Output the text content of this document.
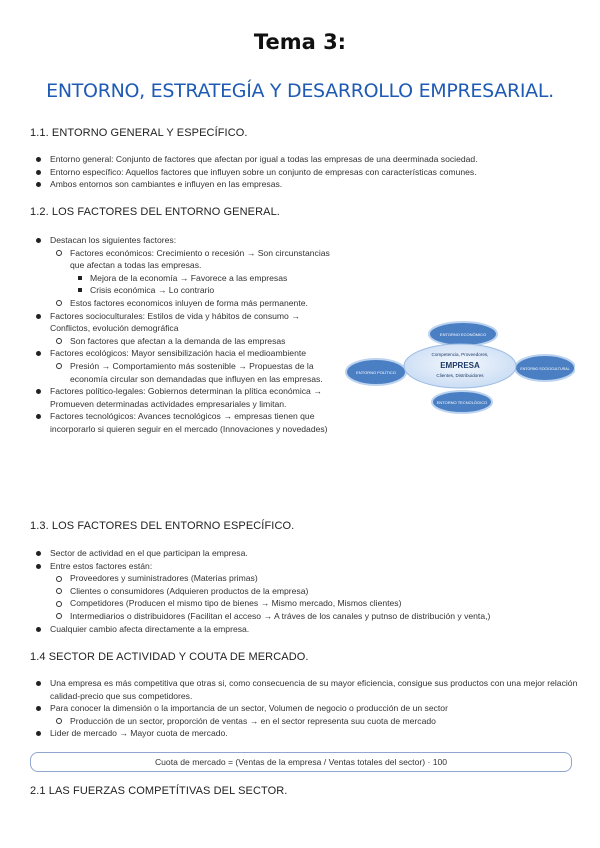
Tema 3:
ENTORNO, ESTRATEGÍA Y DESARROLLO EMPRESARIAL.
1.1. ENTORNO GENERAL Y ESPECÍFICO.
Entorno general: Conjunto de factores que afectan por igual a todas las empresas de una deerminada sociedad.
Entorno específico: Aquellos factores que influyen sobre un conjunto de empresas con características comunes.
Ambos entornos son cambiantes e influyen en las empresas.
1.2. LOS FACTORES DEL ENTORNO GENERAL.
Destacan los siguientes factores:
Factores económicos: Crecimiento o recesión → Son circunstancias que afectan a todas las empresas.
Mejora de la economía → Favorece a las empresas
Crisis económica → Lo contrario
Estos factores economicos inluyen de forma más permanente.
Factores socioculturales: Estilos de vida y hábitos de consumo → Conflictos, evolución demográfica
Son factores que afectan a la demanda de las empresas
Factores ecológicos: Mayor sensibilización hacia el medioambiente
Presión → Comportamiento más sostenible → Propuestas de la economía circular son demandadas que influyen en las empresas.
Factores político-legales: Gobiernos determinan la plítica económica → Promueven determinadas actividades empresariales y limitan.
Factores tecnológicos: Avances tecnológicos → empresas tienen que incorporarlo si quieren seguir en el mercado (Innovaciones y novedades)
Competencia, Proveedores,
EMPRESA
Clientes, Distribuidores
ENTORNO ECONÓMICO
ENTORNO POLÍTICO
ENTORNO SOCIOCULTURAL
ENTORNO TECNOLÓGICO
1.3. LOS FACTORES DEL ENTORNO ESPECÍFICO.
Sector de actividad en el que participan la empresa.
Entre estos factores están:
Proveedores y suministradores (Materias primas)
Clientes o consumidores (Adquieren productos de la empresa)
Competidores (Producen el mismo tipo de bienes → Mismo mercado, Mismos clientes)
Intermediarios o distribuidores (Facilitan el acceso → A tráves de los canales y putnso de distribución y venta,)
Cualquier cambio afecta directamente a la empresa.
1.4 SECTOR DE ACTIVIDAD Y COUTA DE MERCADO.
Una empresa es más competitiva que otras si, como consecuencia de su mayor eficiencia, consigue sus productos con una mejor relación calidad-precio que sus competidores.
Para conocer la dimensión o la importancia de un sector, Volumen de negocio o producción de un sector
Producción de un sector, proporción de ventas → en el sector representa suu cuota de mercado
Lider de mercado → Mayor cuota de mercado.
Cuota de mercado = (Ventas de la empresa / Ventas totales del sector) · 100
2.1 LAS FUERZAS COMPETÍTIVAS DEL SECTOR.
